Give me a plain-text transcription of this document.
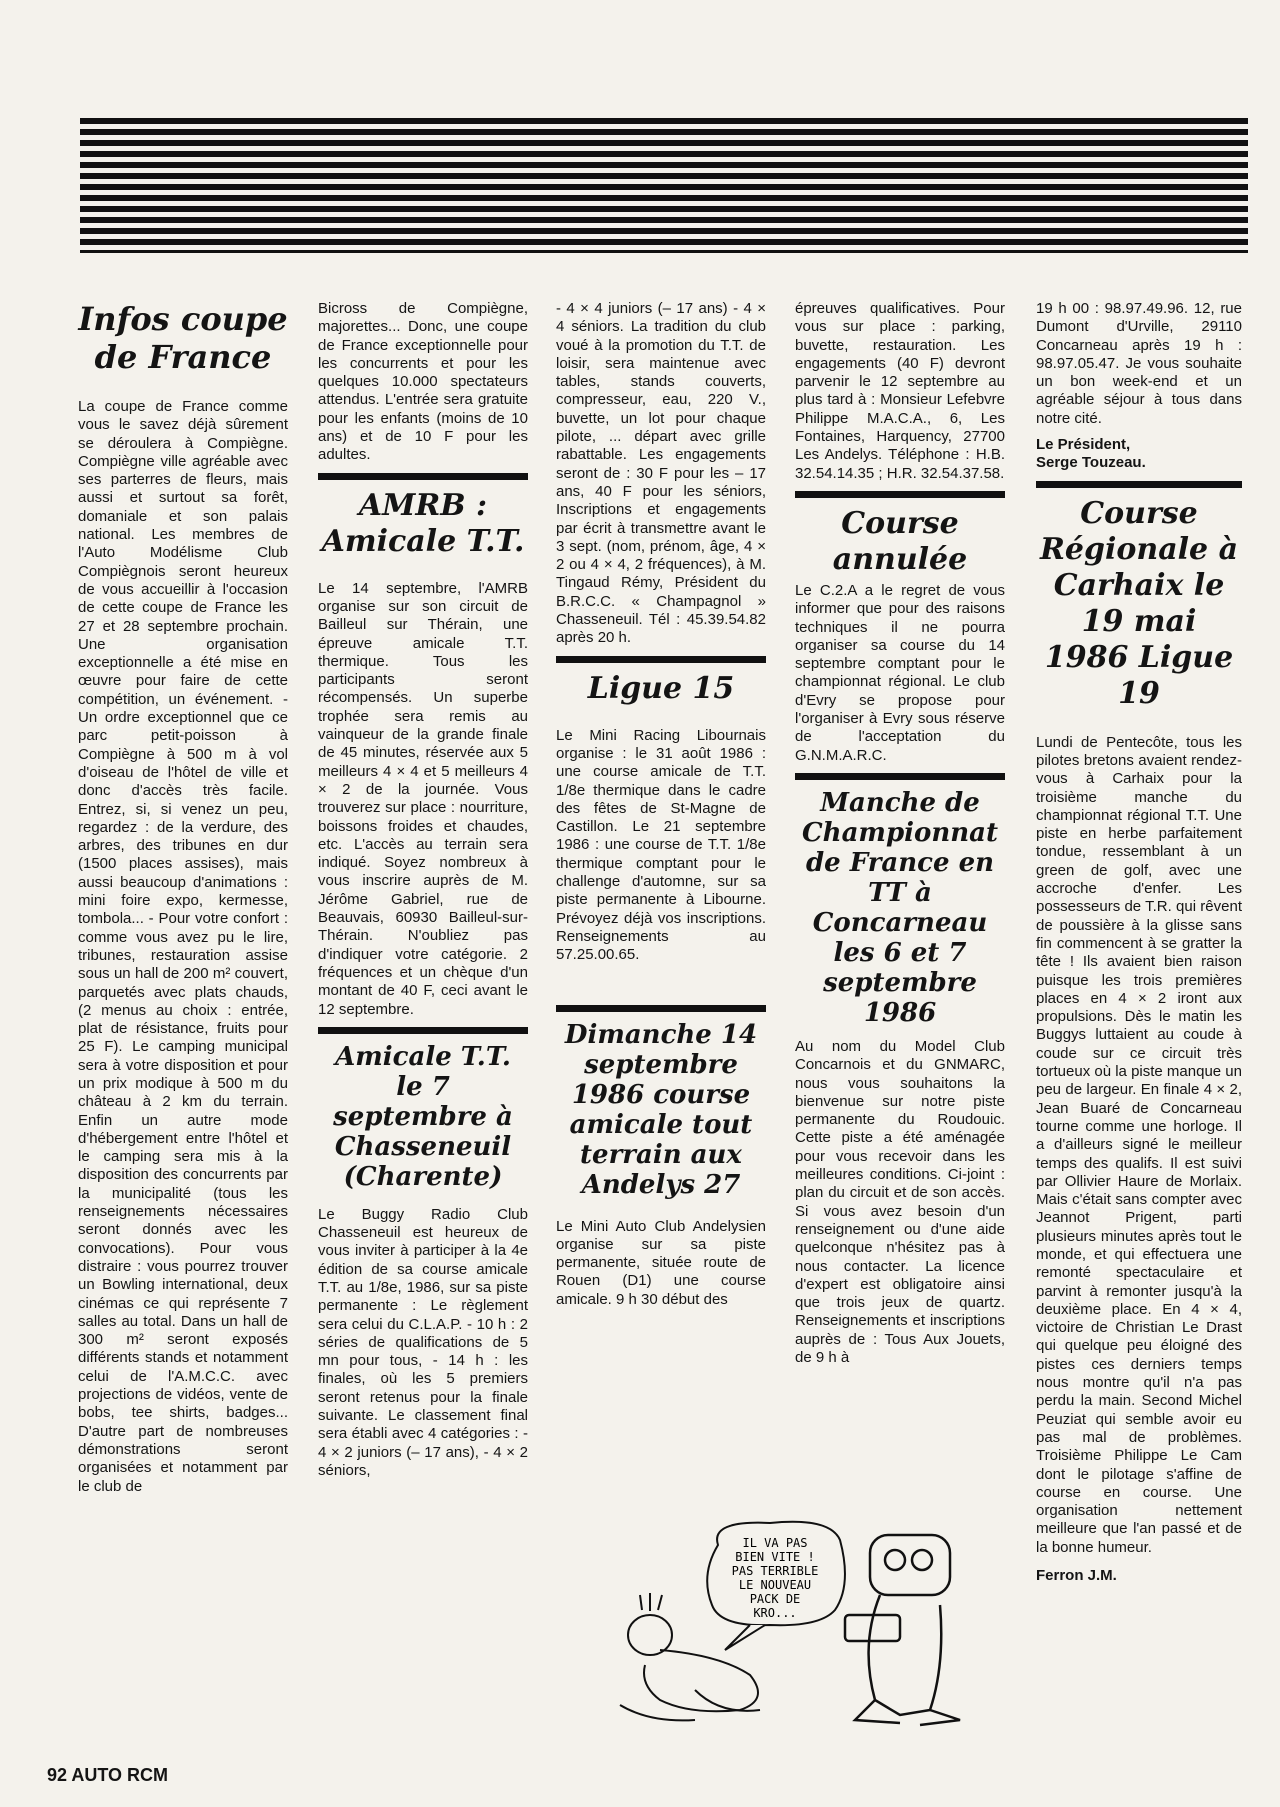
Infos coupe de France

La coupe de France comme vous le savez déjà sûrement se déroulera à Compiègne. Compiègne ville agréable avec ses parterres de fleurs, mais aussi et surtout sa forêt, domaniale et son palais national. Les membres de l'Auto Modélisme Club Compiègnois seront heureux de vous accueillir à l'occasion de cette coupe de France les 27 et 28 septembre prochain. Une organisation exceptionnelle a été mise en œuvre pour faire de cette compétition, un événement. - Un ordre exceptionnel que ce parc petit-poisson à Compiègne à 500 m à vol d'oiseau de l'hôtel de ville et donc d'accès très facile. Entrez, si, si venez un peu, regardez : de la verdure, des arbres, des tribunes en dur (1500 places assises), mais aussi beaucoup d'animations : mini foire expo, kermesse, tombola... - Pour votre confort : comme vous avez pu le lire, tribunes, restauration assise sous un hall de 200 m² couvert, parquetés avec plats chauds, (2 menus au choix : entrée, plat de résistance, fruits pour 25 F). Le camping municipal sera à votre disposition et pour un prix modique à 500 m du château à 2 km du terrain. Enfin un autre mode d'hébergement entre l'hôtel et le camping sera mis à la disposition des concurrents par la municipalité (tous les renseignements nécessaires seront donnés avec les convocations). Pour vous distraire : vous pourrez trouver un Bowling international, deux cinémas ce qui représente 7 salles au total. Dans un hall de 300 m² seront exposés différents stands et notamment celui de l'A.M.C.C. avec projections de vidéos, vente de bobs, tee shirts, badges... D'autre part de nombreuses démonstrations seront organisées et notamment par le club de

Bicross de Compiègne, majorettes... Donc, une coupe de France exceptionnelle pour les concurrents et pour les quelques 10.000 spectateurs attendus. L'entrée sera gratuite pour les enfants (moins de 10 ans) et de 10 F pour les adultes.

AMRB : Amicale T.T.

Le 14 septembre, l'AMRB organise sur son circuit de Bailleul sur Thérain, une épreuve amicale T.T. thermique. Tous les participants seront récompensés. Un superbe trophée sera remis au vainqueur de la grande finale de 45 minutes, réservée aux 5 meilleurs 4 × 4 et 5 meilleurs 4 × 2 de la journée. Vous trouverez sur place : nourriture, boissons froides et chaudes, etc. L'accès au terrain sera indiqué. Soyez nombreux à vous inscrire auprès de M. Jérôme Gabriel, rue de Beauvais, 60930 Bailleul-sur-Thérain. N'oubliez pas d'indiquer votre catégorie. 2 fréquences et un chèque d'un montant de 40 F, ceci avant le 12 septembre.

Amicale T.T. le 7 septembre à Chasseneuil (Charente)

Le Buggy Radio Club Chasseneuil est heureux de vous inviter à participer à la 4e édition de sa course amicale T.T. au 1/8e, 1986, sur sa piste permanente : Le règlement sera celui du C.L.A.P. - 10 h : 2 séries de qualifications de 5 mn pour tous, - 14 h : les finales, où les 5 premiers seront retenus pour la finale suivante. Le classement final sera établi avec 4 catégories : - 4 × 2 juniors (– 17 ans), - 4 × 2 séniors,

- 4 × 4 juniors (– 17 ans) - 4 × 4 séniors. La tradition du club voué à la promotion du T.T. de loisir, sera maintenue avec tables, stands couverts, compresseur, eau, 220 V., buvette, un lot pour chaque pilote, ... départ avec grille rabattable. Les engagements seront de : 30 F pour les – 17 ans, 40 F pour les séniors, Inscriptions et engagements par écrit à transmettre avant le 3 sept. (nom, prénom, âge, 4 × 2 ou 4 × 4, 2 fréquences), à M. Tingaud Rémy, Président du B.R.C.C. « Champagnol » Chasseneuil. Tél : 45.39.54.82 après 20 h.

Ligue 15

Le Mini Racing Libournais organise : le 31 août 1986 : une course amicale de T.T. 1/8e thermique dans le cadre des fêtes de St-Magne de Castillon. Le 21 septembre 1986 : une course de T.T. 1/8e thermique comptant pour le challenge d'automne, sur sa piste permanente à Libourne. Prévoyez déjà vos inscriptions. Renseignements au 57.25.00.65.

Dimanche 14 septembre 1986 course amicale tout terrain aux Andelys 27

Le Mini Auto Club Andelysien organise sur sa piste permanente, située route de Rouen (D1) une course amicale. 9 h 30 début des

épreuves qualificatives. Pour vous sur place : parking, buvette, restauration. Les engagements (40 F) devront parvenir le 12 septembre au plus tard à : Monsieur Lefebvre Philippe M.A.C.A., 6, Les Fontaines, Harquency, 27700 Les Andelys. Téléphone : H.B. 32.54.14.35 ; H.R. 32.54.37.58.

Course annulée

Le C.2.A a le regret de vous informer que pour des raisons techniques il ne pourra organiser sa course du 14 septembre comptant pour le championnat régional. Le club d'Evry se propose pour l'organiser à Evry sous réserve de l'acceptation du G.N.M.A.R.C.

Manche de Championnat de France en TT à Concarneau les 6 et 7 septembre 1986

Au nom du Model Club Concarnois et du GNMARC, nous vous souhaitons la bienvenue sur notre piste permanente du Roudouic. Cette piste a été aménagée pour vous recevoir dans les meilleures conditions. Ci-joint : plan du circuit et de son accès. Si vous avez besoin d'un renseignement ou d'une aide quelconque n'hésitez pas à nous contacter. La licence d'expert est obligatoire ainsi que trois jeux de quartz. Renseignements et inscriptions auprès de : Tous Aux Jouets, de 9 h à

19 h 00 : 98.97.49.96. 12, rue Dumont d'Urville, 29110 Concarneau après 19 h : 98.97.05.47. Je vous souhaite un bon week-end et un agréable séjour à tous dans notre cité.

Le Président,

Serge Touzeau.

Course Régionale à Carhaix le 19 mai 1986 Ligue 19

Lundi de Pentecôte, tous les pilotes bretons avaient rendez-vous à Carhaix pour la troisième manche du championnat régional T.T. Une piste en herbe parfaitement tondue, ressemblant à un green de golf, avec une accroche d'enfer. Les possesseurs de T.R. qui rêvent de poussière à la glisse sans fin commencent à se gratter la tête ! Ils avaient bien raison puisque les trois premières places en 4 × 2 iront aux propulsions. Dès le matin les Buggys luttaient au coude à coude sur ce circuit très tortueux où la piste manque un peu de largeur. En finale 4 × 2, Jean Buaré de Concarneau tourne comme une horloge. Il a d'ailleurs signé le meilleur temps des qualifs. Il est suivi par Ollivier Haure de Morlaix. Mais c'était sans compter avec Jeannot Prigent, parti plusieurs minutes après tout le monde, et qui effectuera une remonté spectaculaire et parvint à remonter jusqu'à la deuxième place. En 4 × 4, victoire de Christian Le Drast qui quelque peu éloigné des pistes ces derniers temps nous montre qu'il n'a pas perdu la main. Second Michel Peuziat qui semble avoir eu pas mal de problèmes. Troisième Philippe Le Cam dont le pilotage s'affine de course en course. Une organisation nettement meilleure que l'an passé et de la bonne humeur.

Ferron J.M.

IL VA PAS
BIEN VITE !
PAS TERRIBLE
LE NOUVEAU
PACK DE
KRO...
92 AUTO RCM
